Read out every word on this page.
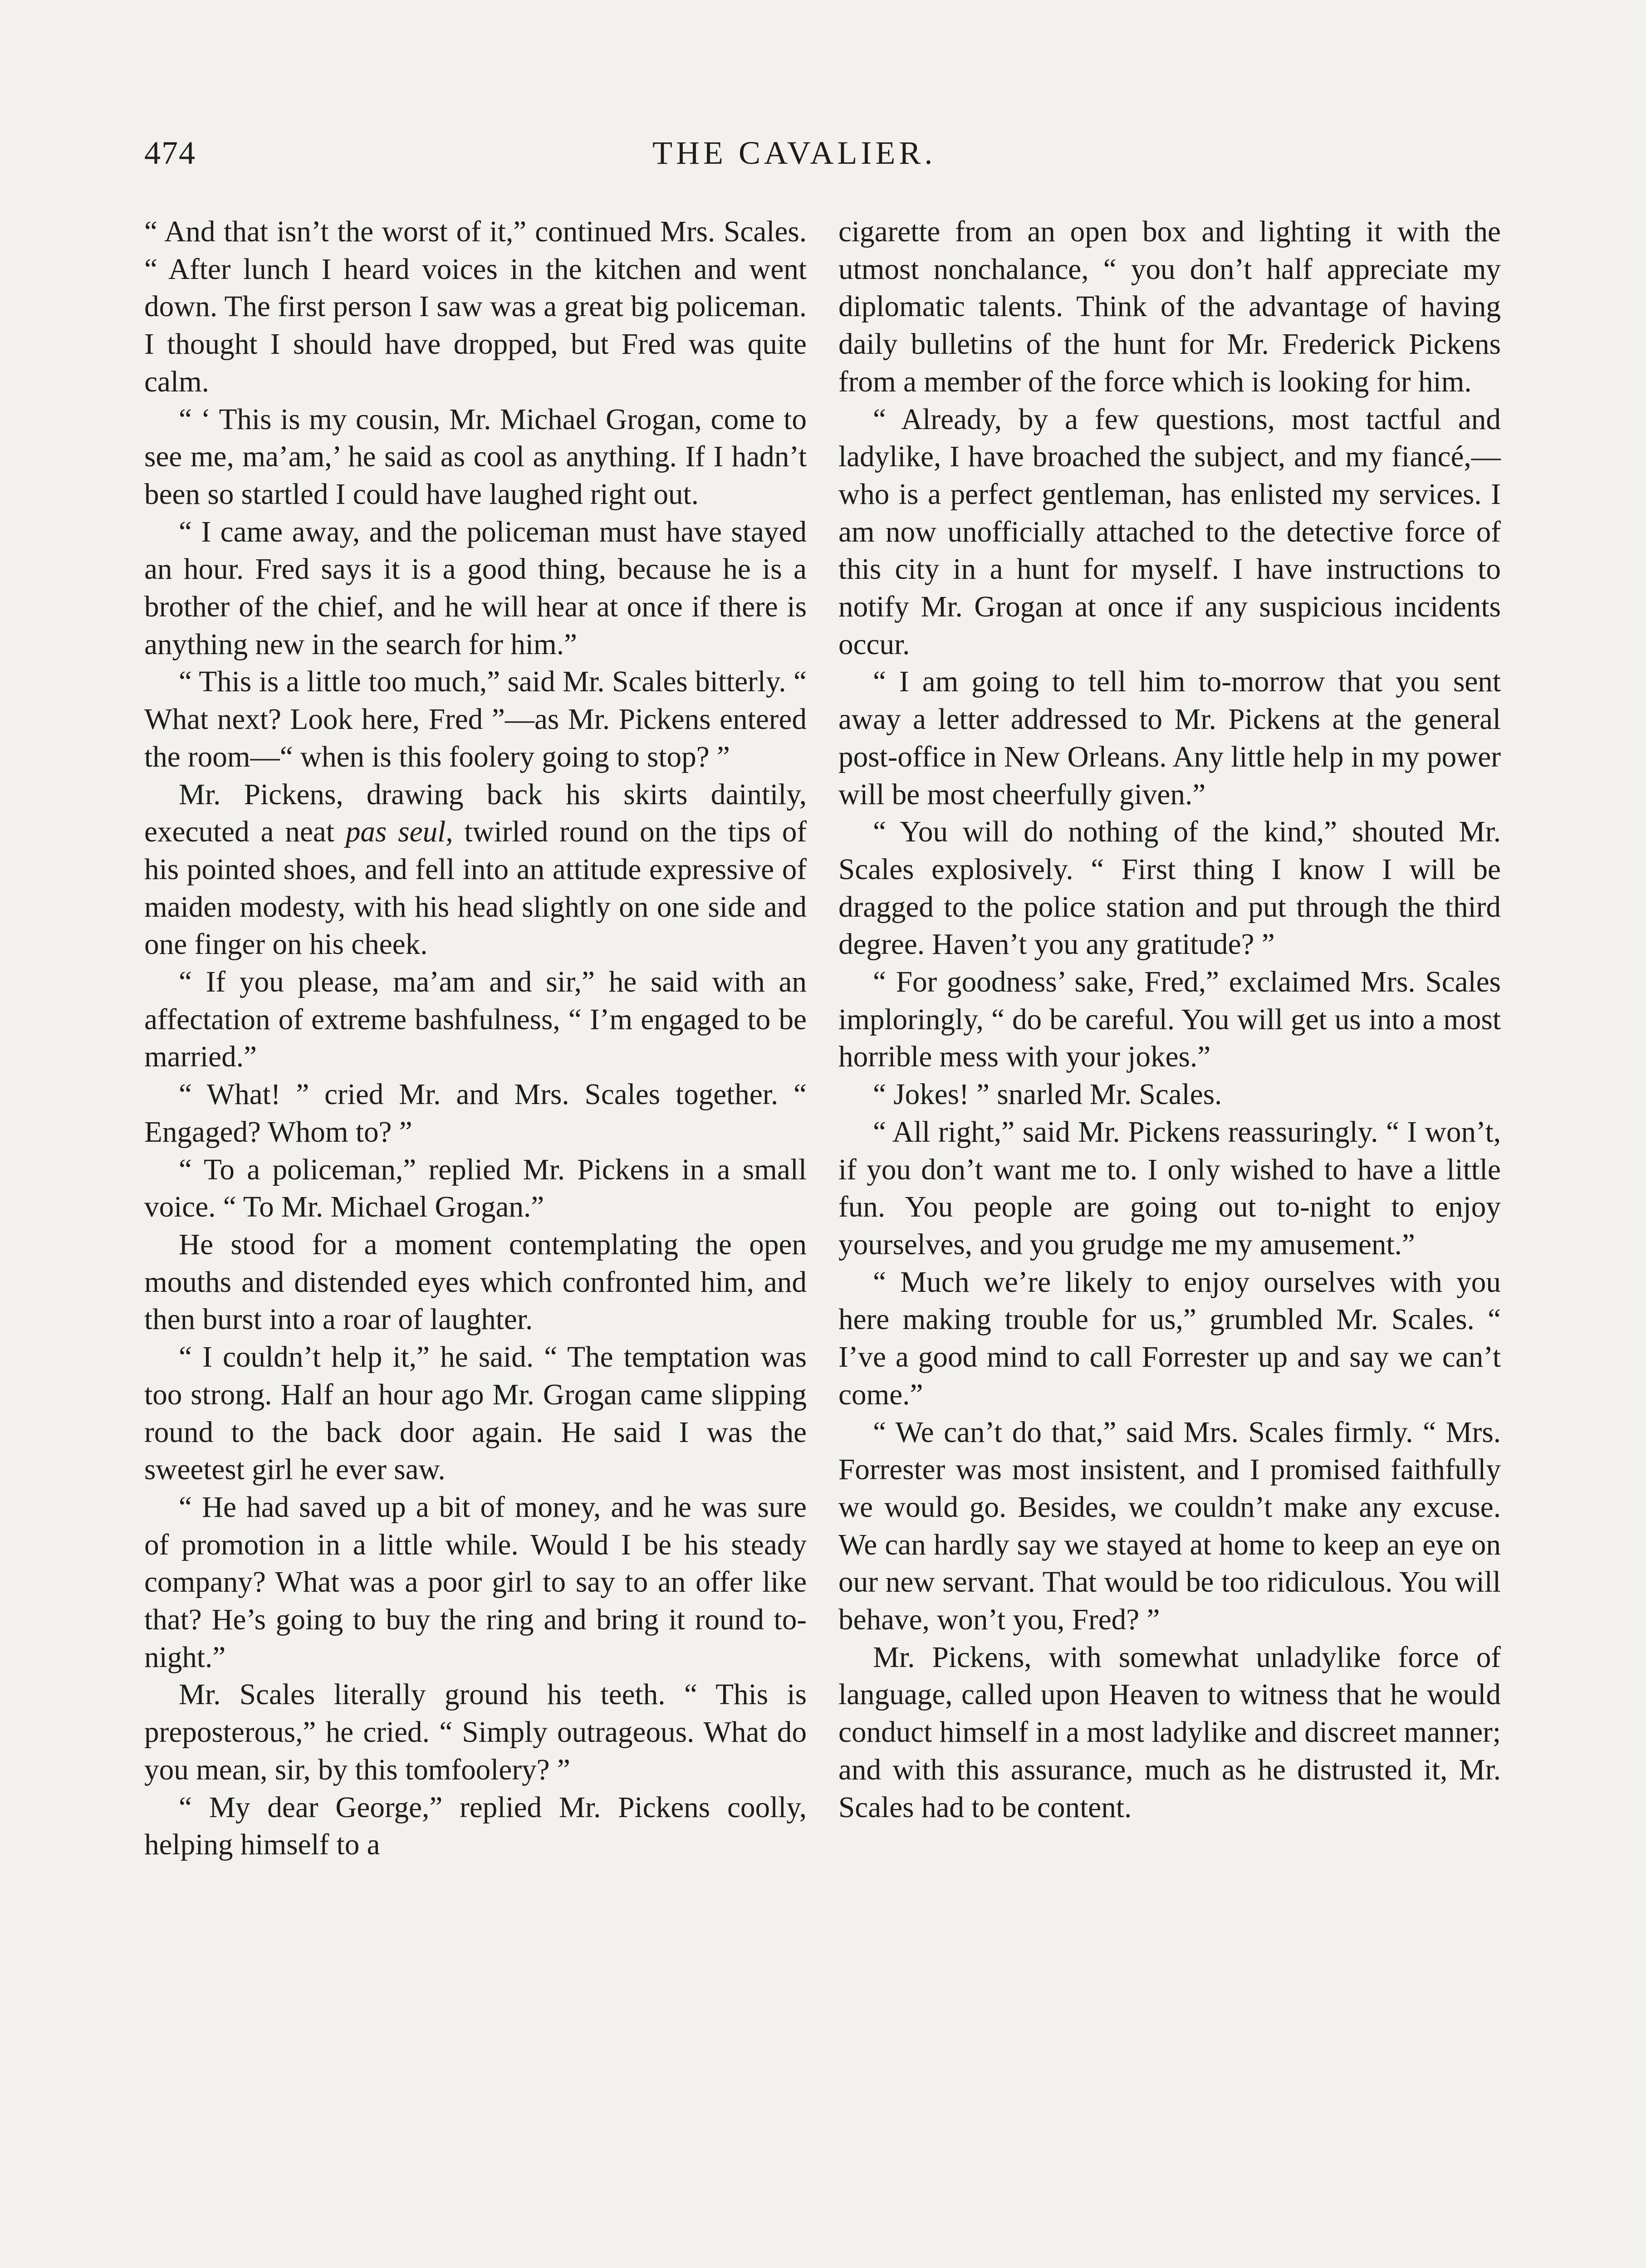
474	THE CAVALIER.

“ And that isn’t the worst of it,” continued Mrs. Scales. “ After lunch I heard voices in the kitchen and went down. The first person I saw was a great big policeman. I thought I should have dropped, but Fred was quite calm.

“ ‘ This is my cousin, Mr. Michael Grogan, come to see me, ma’am,’ he said as cool as anything. If I hadn’t been so startled I could have laughed right out.

“ I came away, and the policeman must have stayed an hour. Fred says it is a good thing, because he is a brother of the chief, and he will hear at once if there is anything new in the search for him.”

“ This is a little too much,” said Mr. Scales bitterly. “ What next? Look here, Fred ”—as Mr. Pickens entered the room—“ when is this foolery going to stop? ”

Mr. Pickens, drawing back his skirts daintily, executed a neat pas seul, twirled round on the tips of his pointed shoes, and fell into an attitude expressive of maiden modesty, with his head slightly on one side and one finger on his cheek.

“ If you please, ma’am and sir,” he said with an affectation of extreme bashfulness, “ I’m engaged to be married.”

“ What! ” cried Mr. and Mrs. Scales together. “ Engaged? Whom to? ”

“ To a policeman,” replied Mr. Pickens in a small voice. “ To Mr. Michael Grogan.”

He stood for a moment contemplating the open mouths and distended eyes which confronted him, and then burst into a roar of laughter.

“ I couldn’t help it,” he said. “ The temptation was too strong. Half an hour ago Mr. Grogan came slipping round to the back door again. He said I was the sweetest girl he ever saw.

“ He had saved up a bit of money, and he was sure of promotion in a little while. Would I be his steady company? What was a poor girl to say to an offer like that? He’s going to buy the ring and bring it round to-night.”

Mr. Scales literally ground his teeth. “ This is preposterous,” he cried. “ Simply outrageous. What do you mean, sir, by this tomfoolery? ”

“ My dear George,” replied Mr. Pickens coolly, helping himself to a

cigarette from an open box and lighting it with the utmost nonchalance, “ you don’t half appreciate my diplomatic talents. Think of the advantage of having daily bulletins of the hunt for Mr. Frederick Pickens from a member of the force which is looking for him.

“ Already, by a few questions, most tactful and ladylike, I have broached the subject, and my fiancé,—who is a perfect gentleman, has enlisted my services. I am now unofficially attached to the detective force of this city in a hunt for myself. I have instructions to notify Mr. Grogan at once if any suspicious incidents occur.

“ I am going to tell him to-morrow that you sent away a letter addressed to Mr. Pickens at the general post-office in New Orleans. Any little help in my power will be most cheerfully given.”

“ You will do nothing of the kind,” shouted Mr. Scales explosively. “ First thing I know I will be dragged to the police station and put through the third degree. Haven’t you any gratitude? ”

“ For goodness’ sake, Fred,” exclaimed Mrs. Scales imploringly, “ do be careful. You will get us into a most horrible mess with your jokes.”

“ Jokes! ” snarled Mr. Scales.

“ All right,” said Mr. Pickens reassuringly. “ I won’t, if you don’t want me to. I only wished to have a little fun. You people are going out to-night to enjoy yourselves, and you grudge me my amusement.”

“ Much we’re likely to enjoy ourselves with you here making trouble for us,” grumbled Mr. Scales. “ I’ve a good mind to call Forrester up and say we can’t come.”

“ We can’t do that,” said Mrs. Scales firmly. “ Mrs. Forrester was most insistent, and I promised faithfully we would go. Besides, we couldn’t make any excuse. We can hardly say we stayed at home to keep an eye on our new servant. That would be too ridiculous. You will behave, won’t you, Fred? ”

Mr. Pickens, with somewhat unladylike force of language, called upon Heaven to witness that he would conduct himself in a most ladylike and discreet manner; and with this assurance, much as he distrusted it, Mr. Scales had to be content.
